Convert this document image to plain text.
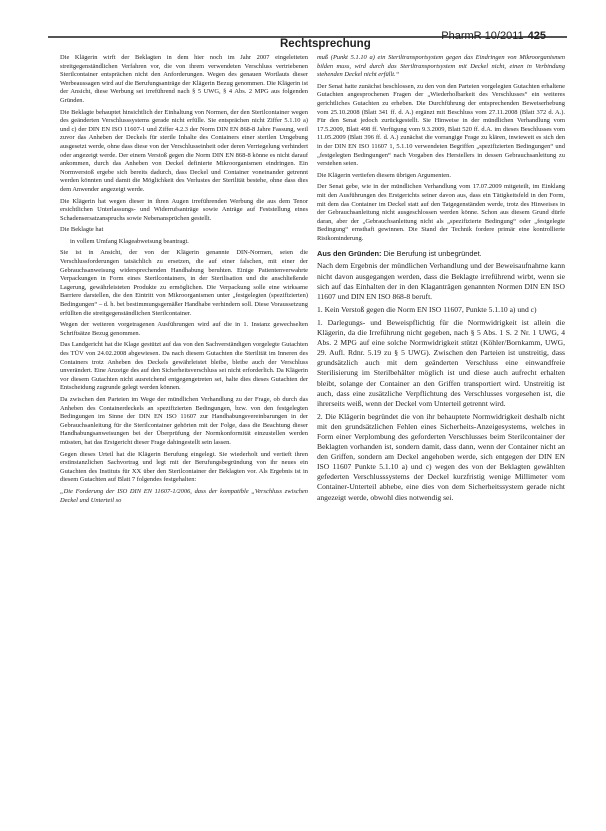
Rechtsprechung
PharmR 10/2011 425

Die Klägerin wirft der Beklagten in dem hier noch im Jahr 2007 eingeleiteten streitgegenständlichen Verfahren vor, die von ihrem verwendeten Verschluss vertriebenen Sterilcontainer entsprächen nicht den Anforderungen. Wegen des genauen Wortlauts dieser Werbeaussagen wird auf die Berufungsanträge der Klägerin Bezug genommen. Die Klägerin ist der Ansicht, diese Werbung sei irreführend nach § 5 UWG, § 4 Abs. 2 MPG aus folgenden Gründen.

Die Beklagte behauptet hinsichtlich der Einhaltung von Normen, der den Sterilcontainer wegen des geänderten Verschlusssystems gerade nicht erfülle. Sie entsprächen nicht Ziffer 5.1.10 a) und c) der DIN EN ISO 11607-1 und Ziffer 4.2.3 der Norm DIN EN 868-8 Jahre Fassung, weil zuvor das Anheben der Deckels für sterile Inhalte des Containers einer sterilen Umgebung ausgesetzt werde, ohne dass diese von der Verschlusseinheit oder deren Verriegelung verhindert oder angezeigt werde. Der einem Verstoß gegen die Norm DIN EN 868-8 könne es nicht darauf ankommen, durch das Anheben von Deckel definierte Mikroorganismen eindringen. Ein Normverstoß ergebe sich bereits dadurch, dass Deckel und Container voneinander getrennt werden könnten und damit die Möglichkeit des Verlustes der Sterilität bestehe, ohne dass dies dem Anwender angezeigt werde.

Die Klägerin hat wegen dieser in ihren Augen irreführenden Werbung die aus dem Tenor ersichtlichen Unterlassungs- und Widerrufsanträge sowie Anträge auf Feststellung eines Schadensersatzanspruchs sowie Nebenansprüchen gestellt.

Die Beklagte hat

in vollem Umfang Klageabweisung beantragt.

Sie ist in Ansicht, der von der Klägerin genannte DIN-Normen, seien die Verschlussforderungen tatsächlich zu ersetzen, die auf einer falschen, mit einer der Gebrauchsanweisung widersprechenden Handhabung beruhten. Einige Patientenverwahrte Verpackungen in Form eines Sterilcontainers, in der Sterilisation und die anschließende Lagerung, gewährleisteten Produkte zu ermöglichen. Die Verpackung solle eine wirksame Barriere darstellen, die den Eintritt von Mikroorganismen unter „festgelegten (spezifizierten) Bedingungen“ – d. h. bei bestimmungsgemäßer Handhabe verhindern soll. Diese Voraussetzung erfüllten die streitgegenständlichen Sterilcontainer.

Wegen der weiteren vorgetragenen Ausführungen wird auf die in 1. Instanz gewechselten Schriftsätze Bezug genommen.

Das Landgericht hat die Klage gestützt auf das von den Sachverständigen vorgelegte Gutachten des TÜV von 24.02.2008 abgewiesen. Da nach diesem Gutachten die Sterilität im Inneren des Containers trotz Anheben des Deckels gewährleistet bleibe, bleibe auch der Verschluss unverändert. Eine Anzeige des auf den Sicherheitsverschluss sei nicht erforderlich. Da Klägerin vor diesem Gutachten nicht ausreichend entgegengetreten sei, halte dies dieses Gutachten der Entscheidung zugrunde gelegt werden können.

Da zwischen den Parteien im Wege der mündlichen Verhandlung zu der Frage, ob durch das Anheben des Containerdeckels an spezifizierten Bedingungen, bzw. von den festgelegten Bedingungen im Sinne der DIN EN ISO 11607 zur Handhabungsvereinbarungen in der Gebrauchsanleitung für die Sterilcontainer gehörten mit der Folge, dass die Beachtung dieser Handhabungsanweisungen bei der Überprüfung der Normkonformität einzustellen werden müssten, hat das Erstgericht dieser Frage dahingestellt sein lassen.

Gegen dieses Urteil hat die Klägerin Berufung eingelegt. Sie wiederholt und vertieft ihren erstinstanzlichen Sachvortrag und legt mit der Berufungsbegründung von ihr neues ein Gutachten des Instituts für XX über den Sterilcontainer der Beklagten vor. Als Ergebnis ist in diesem Gutachten auf Blatt 7 folgendes festgehalten:

„Die Forderung der ISO DIN EN 11607-1/2006, dass der kompatible „Verschluss zwischen Deckel und Unterteil so

muß (Punkt 5.1.10 a) ein Steriltransportsystem gegen das Eindringen von Mikroorganismen bilden muss, wird durch das Steriltransportsystem mit Deckel nicht, einen in Verbindung stehenden Deckel nicht erfüllt.“

Der Senat hatte zunächst beschlossen, zu den von den Parteien vorgelegten Gutachten erhaltene Gutachten angesprochenen Fragen der „Wiederholbarkeit des Verschlusses“ ein weiteres gerichtliches Gutachten zu erheben. Die Durchführung der entsprechenden Beweiserhebung vom 25.10.2008 (Blatt 341 ff. d. A.) ergänzt mit Beschluss vom 27.11.2008 (Blatt 372 d. A.). Für den Senat jedoch zurückgestellt. Sie Hinweise in der mündlichen Verhandlung vom 17.5.2009, Blatt 498 ff. Verfügung vom 9.3.2009, Blatt 520 ff. d.A. im dieses Beschlusses vom 11.05.2009 (Blatt 396 ff. d. A.) zunächst die vorrangige Frage zu klären, inwieweit es sich den in der DIN EN ISO 11607 1, 5.1.10 verwendeten Begriffen „spezifizierten Bedingungen“ und „festgelegten Bedingungen“ nach Vorgaben des Herstellers in dessen Gebrauchsanleitung zu verstehen seien.

Die Klägerin vertiefen diesem übrigen Argumenten.

Der Senat gebe, wie in der mündlichen Verhandlung vom 17.07.2009 mitgeteilt, im Einklang mit den Ausführungen des Erstgerichts seiner davon aus, dass ein Tätigkeitsfeld in den Form, mit dem das Container im Deckel statt auf den Tatgegenständen werde, trotz des Hinweises in der Gebrauchsanleitung nicht ausgeschlossen werden könne. Schon aus diesem Grund dürfe daran, aber der „Gebrauchsanleitung nicht als „spezifizierte Bedingung“ oder „festgelegte Bedingung“ ernsthaft gewinnen. Die Stand der Technik fordere primär eine kontrollierte Risikominderung.

Aus den Gründen: Die Berufung ist unbegründet.

Nach dem Ergebnis der mündlichen Verhandlung und der Beweisaufnahme kann nicht davon ausgegangen werden, dass die Beklagte irreführend wirbt, wenn sie sich auf das Einhalten der in den Klaganträgen genannten Normen DIN EN ISO 11607 und DIN EN ISO 868-8 beruft.

1. Kein Verstoß gegen die Norm EN ISO 11607, Punkte 5.1.10 a) und c)

1. Darlegungs- und Beweispflichtig für die Normwidrigkeit ist allein die Klägerin, da die Irreführung nicht gegeben, nach § 5 Abs. 1 S. 2 Nr. 1 UWG, 4 Abs. 2 MPG auf eine solche Normwidrigkeit stützt (Köhler/Bornkamm, UWG, 29. Aufl. Rdnr. 5.19 zu § 5 UWG). Zwischen den Parteien ist unstreitig, dass grundsätzlich auch mit dem geänderten Verschluss eine einwandfreie Sterilisierung im Sterilbehälter möglich ist und diese auch aufrecht erhalten bleibt, solange der Container an den Griffen transportiert wird. Unstreitig ist auch, dass eine zusätzliche Verpflichtung des Verschlusses vorgesehen ist, die ihrerseits weiß, wenn der Deckel vom Unterteil getrennt wird.

2. Die Klägerin begründet die von ihr behauptete Normwidrigkeit deshalb nicht mit den grundsätzlichen Fehlen eines Sicherheits-Anzeigesystems, welches in Form einer Verplombung des geforderten Verschlusses beim Sterilcontainer der Beklagten vorhanden ist, sondern damit, dass dann, wenn der Container nicht an den Griffen, sondern am Deckel angehoben werde, sich entgegen der DIN EN ISO 11607 Punkte 5.1.10 a) und c) wegen des von der Beklagten gewählten gefederten Verschlusssystems der Deckel kurzfristig wenige Millimeter vom Container-Unterteil abhebe, eine dies von dem Sicherheitssystem gerade nicht angezeigt werde, obwohl dies notwendig sei.
